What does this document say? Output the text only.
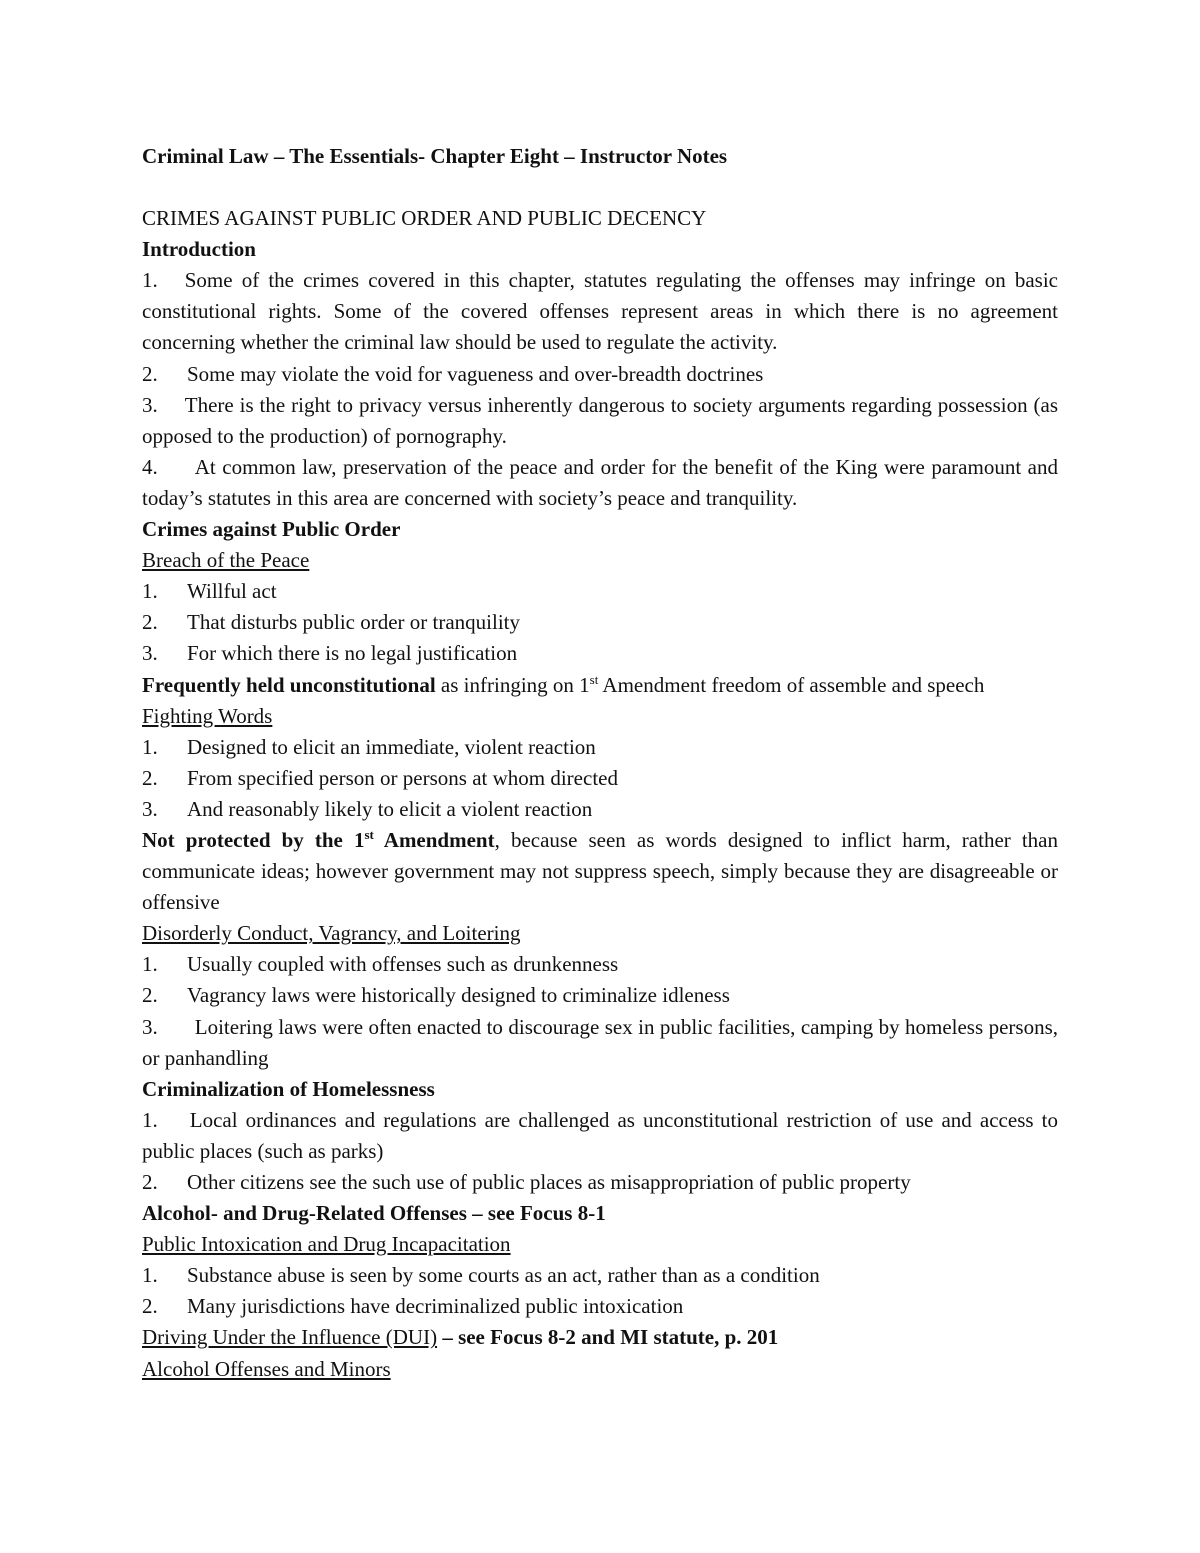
Criminal Law – The Essentials- Chapter Eight – Instructor Notes
CRIMES AGAINST PUBLIC ORDER AND PUBLIC DECENCY
Introduction
1. Some of the crimes covered in this chapter, statutes regulating the offenses may infringe on basic constitutional rights. Some of the covered offenses represent areas in which there is no agreement concerning whether the criminal law should be used to regulate the activity.
2.	Some may violate the void for vagueness and over-breadth doctrines
3. There is the right to privacy versus inherently dangerous to society arguments regarding possession (as opposed to the production) of pornography.
4. At common law, preservation of the peace and order for the benefit of the King were paramount and today’s statutes in this area are concerned with society’s peace and tranquility.
Crimes against Public Order
Breach of the Peace
1.	Willful act
2.	That disturbs public order or tranquility
3.	For which there is no legal justification
Frequently held unconstitutional as infringing on 1st Amendment freedom of assemble and speech
Fighting Words
1.	Designed to elicit an immediate, violent reaction
2.	From specified person or persons at whom directed
3.	And reasonably likely to elicit a violent reaction
Not protected by the 1st Amendment, because seen as words designed to inflict harm, rather than communicate ideas; however government may not suppress speech, simply because they are disagreeable or offensive
Disorderly Conduct, Vagrancy, and Loitering
1.	Usually coupled with offenses such as drunkenness
2.	Vagrancy laws were historically designed to criminalize idleness
3. Loitering laws were often enacted to discourage sex in public facilities, camping by homeless persons, or panhandling
Criminalization of Homelessness
1. Local ordinances and regulations are challenged as unconstitutional restriction of use and access to public places (such as parks)
2.	Other citizens see the such use of public places as misappropriation of public property
Alcohol- and Drug-Related Offenses – see Focus 8-1
Public Intoxication and Drug Incapacitation
1.	Substance abuse is seen by some courts as an act, rather than as a condition
2.	Many jurisdictions have decriminalized public intoxication
Driving Under the Influence (DUI) – see Focus 8-2 and MI statute, p. 201
Alcohol Offenses and Minors
